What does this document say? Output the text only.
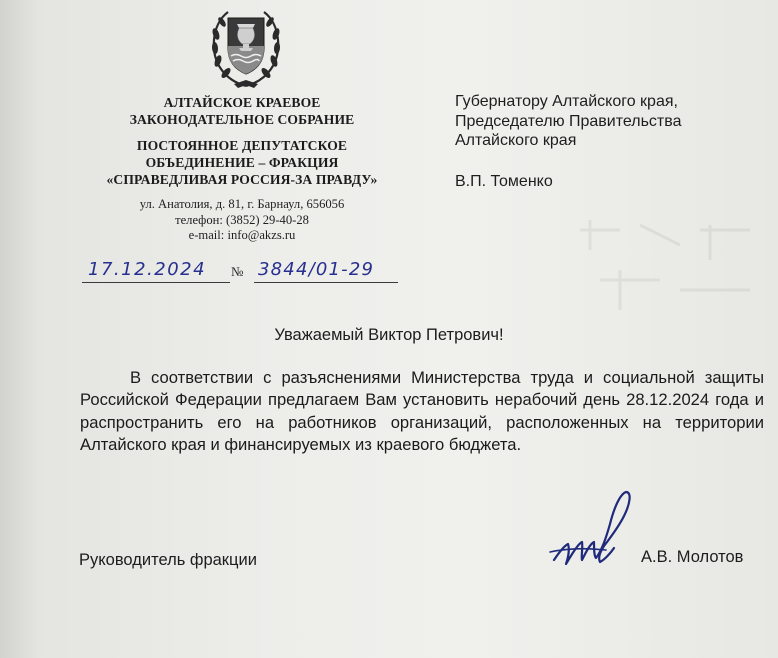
АЛТАЙСКОЕ КРАЕВОЕ
ЗАКОНОДАТЕЛЬНОЕ СОБРАНИЕ
ПОСТОЯННОЕ ДЕПУТАТСКОЕ
ОБЪЕДИНЕНИЕ – ФРАКЦИЯ
«СПРАВЕДЛИВАЯ РОССИЯ-ЗА ПРАВДУ»
ул. Анатолия, д. 81, г. Барнаул, 656056
телефон: (3852) 29-40-28
e-mail: info@akzs.ru
Губернатору Алтайского края,
Председателю Правительства
Алтайского края
В.П. Томенко
17.12.2024	№ 3844/01-29
Уважаемый Виктор Петрович!

В соответствии с разъяснениями Министерства труда и социальной защиты Российской Федерации предлагаем Вам установить нерабочий день 28.12.2024 года и распространить его на работников организаций, расположенных на территории Алтайского края и финансируемых из краевого бюджета.

Руководитель фракции	А.В. Молотов
